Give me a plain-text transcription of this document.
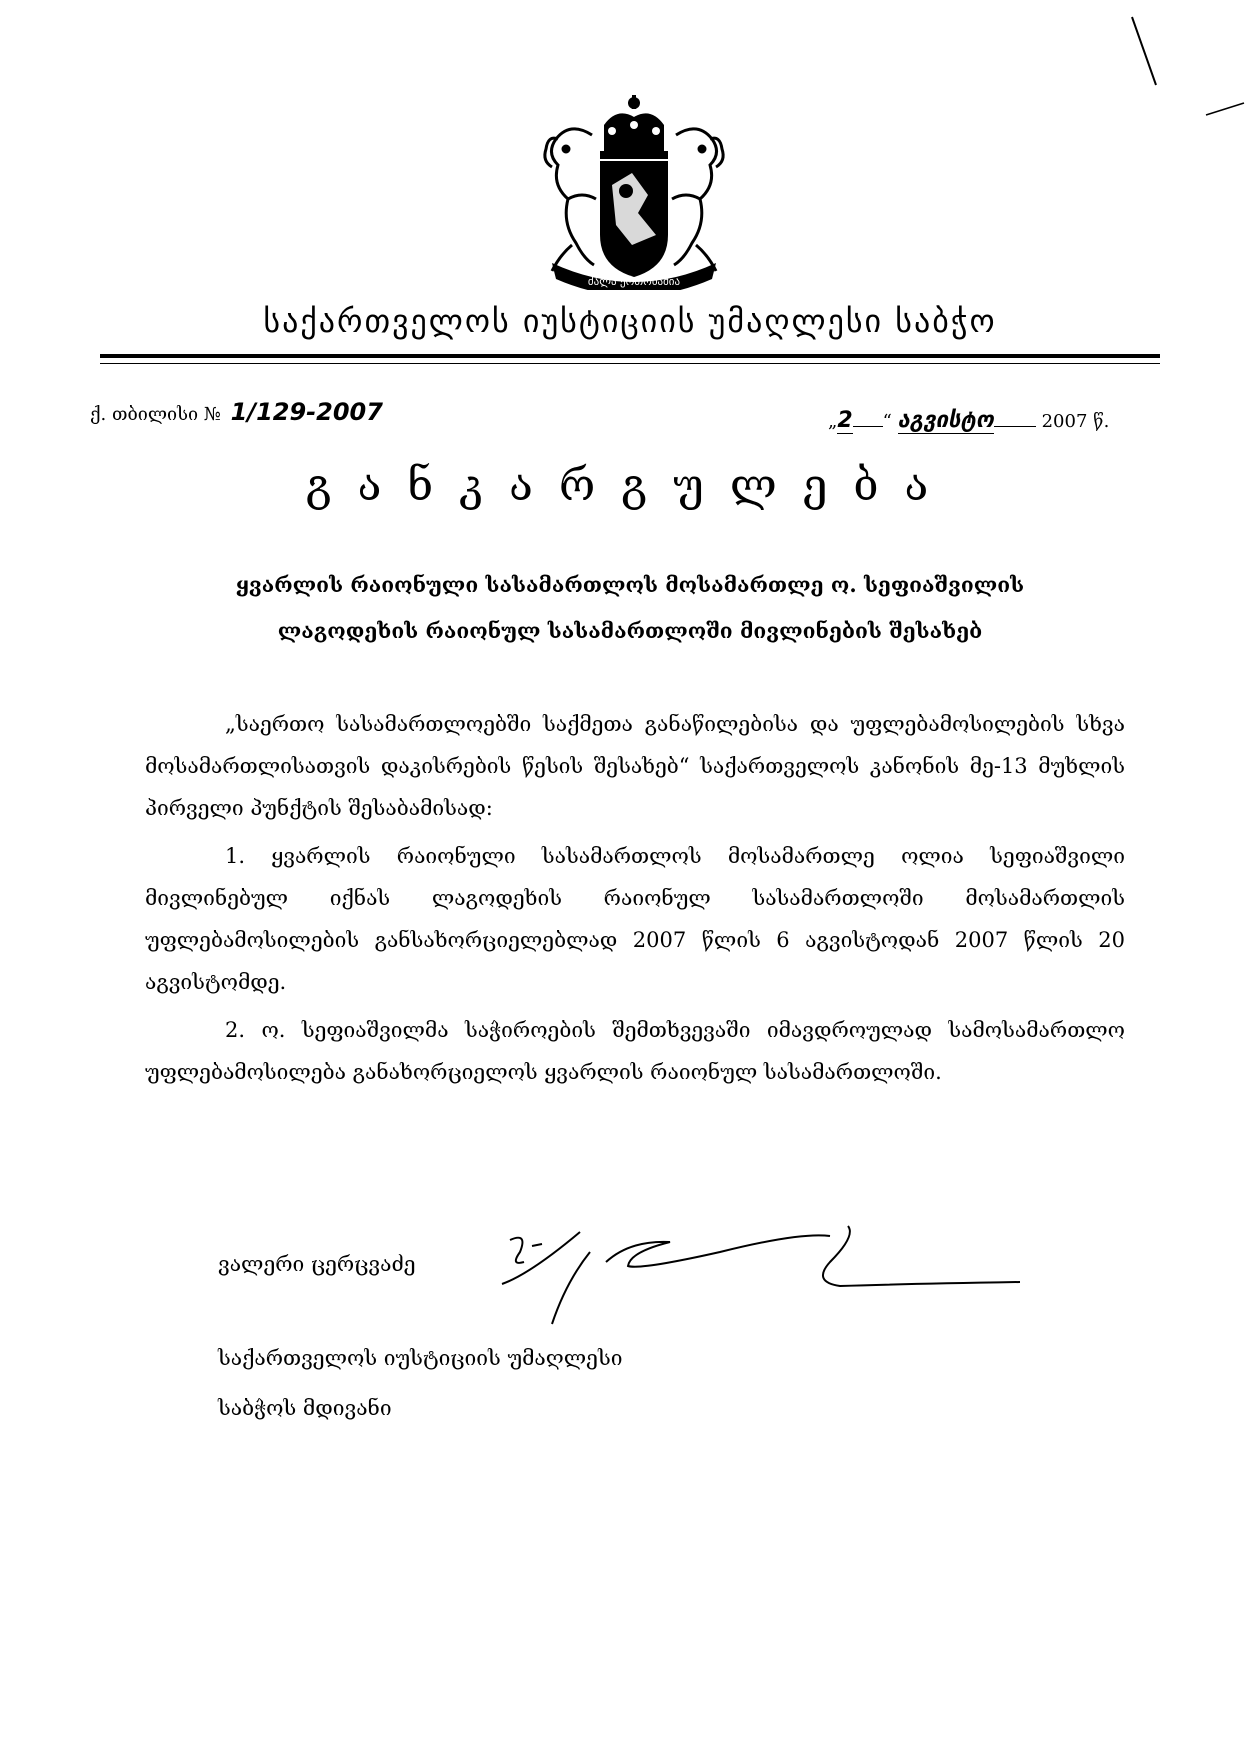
ძალა ერთობაშია
საქართველოს იუსტიციის უმაღლესი საბჭო
ქ. თბილისი № 1/129-2007	„2 “ აგვისტო	2007 წ.
განკარგულება
ყვარლის რაიონული სასამართლოს მოსამართლე ო. სეფიაშვილის
ლაგოდეხის რაიონულ სასამართლოში მივლინების შესახებ

„საერთო სასამართლოებში საქმეთა განაწილებისა და უფლებამოსილების სხვა მოსამართლისათვის დაკისრების წესის შესახებ“ საქართველოს კანონის მე-13 მუხლის პირველი პუნქტის შესაბამისად:

1. ყვარლის რაიონული სასამართლოს მოსამართლე ოლია სეფიაშვილი მივლინებულ იქნას ლაგოდეხის რაიონულ სასამართლოში მოსამართლის უფლებამოსილების განსახორციელებლად 2007 წლის 6 აგვისტოდან 2007 წლის 20 აგვისტომდე.

2. ო. სეფიაშვილმა საჭიროების შემთხვევაში იმავდროულად სამოსამართლო უფლებამოსილება განახორციელოს ყვარლის რაიონულ სასამართლოში.

ვალერი ცერცვაძე
საქართველოს იუსტიციის უმაღლესი
საბჭოს მდივანი
